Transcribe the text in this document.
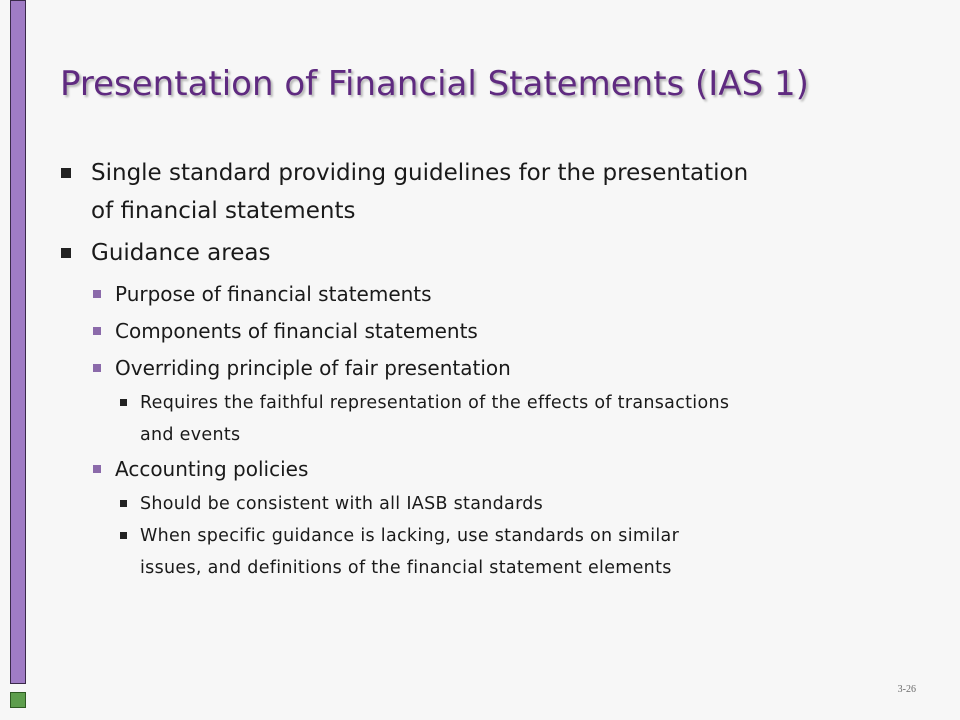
Presentation of Financial Statements (IAS 1)
Single standard providing guidelines for the presentation
of financial statements
Guidance areas
Purpose of financial statements
Components of financial statements
Overriding principle of fair presentation
Requires the faithful representation of the effects of transactions
and events
Accounting policies
Should be consistent with all IASB standards
When specific guidance is lacking, use standards on similar
issues, and definitions of the financial statement elements
3-26
